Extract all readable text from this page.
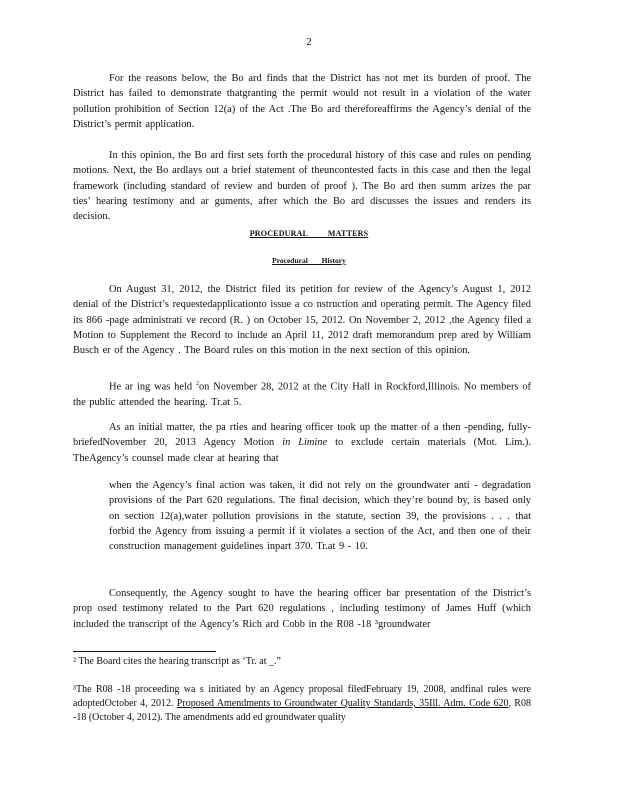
2

For the reasons below, the Bo ard finds that the District has not met its burden of proof. The District has failed to demonstrate thatgranting the permit would not result in a violation of the water pollution prohibition of Section 12(a) of the Act .The Bo ard thereforeaffirms the Agency’s denial of the District’s permit application.

In this opinion, the Bo ard first sets forth the procedural history of this case and rules on pending motions. Next, the Bo ardlays out a brief statement of theuncontested facts in this case and then the legal framework (including standard of review and burden of proof ). The Bo ard then summ arizes the par ties’ hearing testimony and ar guments, after which the Bo ard discusses the issues and renders its decision.

PROCEDURAL MATTERS
Procedural History

On August 31, 2012, the District filed its petition for review of the Agency’s August 1, 2012 denial of the District’s requestedapplicationto issue a co nstruction and operating permit. The Agency filed its 866 -page administrati ve record (R. ) on October 15, 2012. On November 2, 2012 ,the Agency filed a Motion to Supplement the Record to include an April 11, 2012 draft memorandum prep ared by William Busch er of the Agency . The Board rules on this motion in the next section of this opinion.

He ar ing was held $^2$on November 28, 2012 at the City Hall in Rockford,Illinois. No members of the public attended the hearing. Tr.at 5.

As an initial matter, the pa rties and hearing officer took up the matter of a then -pending, fully-briefedNovember 20, 2013 Agency Motion in Limine to exclude certain materials (Mot. Lim.). TheAgency’s counsel made clear at hearing that

when the Agency’s final action was taken, it did not rely on the groundwater anti - degradation provisions of the Part 620 regulations. The final decision, which they’re bound by, is based only on section 12(a),water pollution provisions in the statute, section 39, the provisions . . . that forbid the Agency from issuing a permit if it violates a section of the Act, and then one of their construction management guidelines inpart 370. Tr.at 9 - 10.

Consequently, the Agency sought to have the hearing officer bar presentation of the District’s prop osed testimony related to the Part 620 regulations , including testimony of James Huff (which included the transcript of the Agency’s Rich ard Cobb in the R08 -18 ³groundwater

² The Board cites the hearing transcript as ‘Tr. at _.”

³The R08 -18 proceeding wa s initiated by an Agency proposal filedFebruary 19, 2008, andfinal rules were adoptedOctober 4, 2012. Proposed Amendments to Groundwater Quality Standards, 35Ill. Adm. Code 620, R08 -18 (October 4, 2012). The amendments add ed groundwater quality
